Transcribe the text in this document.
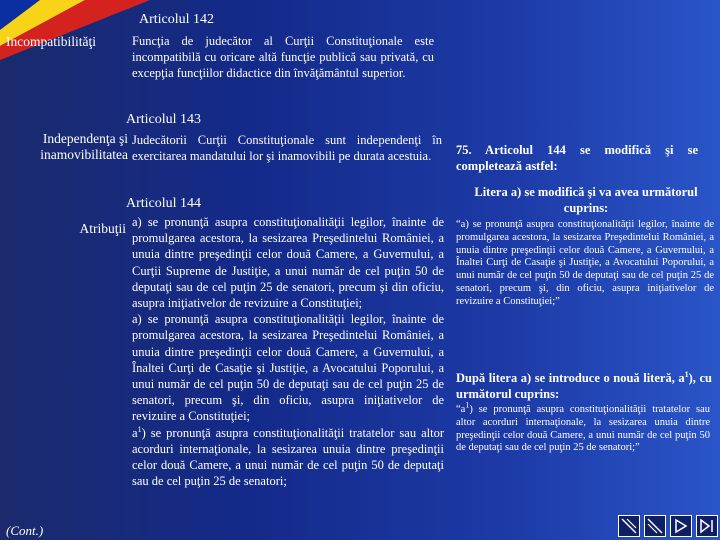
Articolul 142
Incompatibilităţi	Funcţia de judecător al Curţii Constituţionale este incompatibilă cu oricare altă funcţie publică sau privată, cu excepţia funcţiilor didactice din învăţământul superior.
Articolul 143
Independenţa şi
inamovibilitatea
Judecătorii Curţii Constituţionale sunt independenţi în exercitarea mandatului lor şi inamovibili pe durata acestuia.
Articolul 144
Atribuţii a) se pronunţă asupra constituţionalităţii legilor, înainte de promulgarea acestora, la sesizarea Preşedintelui României, a unuia dintre preşedinţii celor două Camere, a Guvernului, a Curţii Supreme de Justiţie, a unui număr de cel puţin 50 de deputaţi sau de cel puţin 25 de senatori, precum şi din oficiu, asupra iniţiativelor de revizuire a Constituţiei;
a) se pronunţă asupra constituţionalităţii legilor, înainte de promulgarea acestora, la sesizarea Preşedintelui României, a unuia dintre preşedinţii celor două Camere, a Guvernului, a Înaltei Curţi de Casaţie şi Justiţie, a Avocatului Poporului, a unui număr de cel puţin 50 de deputaţi sau de cel puţin 25 de senatori, precum şi, din oficiu, asupra iniţiativelor de revizuire a Constituţiei;
$a^1$) se pronunţă asupra constituţionalităţii tratatelor sau altor acorduri internaţionale, la sesizarea unuia dintre preşedinţii celor două Camere, a unui număr de cel puţin 50 de deputaţi sau de cel puţin 25 de senatori;
75. Articolul 144 se modifică şi se completează astfel:
Litera a) se modifică şi va avea următorul cuprins:
“a) se pronunţă asupra constituţionalităţii legilor, înainte de promulgarea acestora, la sesizarea Preşedintelui României, a unuia dintre preşedinţii celor două Camere, a Guvernului, a Înaltei Curţi de Casaţie şi Justiţie, a Avocatului Poporului, a unui număr de cel puţin 50 de deputaţi sau de cel puţin 25 de senatori, precum şi, din oficiu, asupra iniţiativelor de revizuire a Constituţiei;”
După litera a) se introduce o nouă literă, $a^1$), cu următorul cuprins:
“$a^1$) se pronunţă asupra constituţionalităţii tratatelor sau altor acorduri internaţionale, la sesizarea unuia dintre preşedinţii celor două Camere, a unui număr de cel puţin 50 de deputaţi sau de cel puţin 25 de senatori;”
(Cont.)
